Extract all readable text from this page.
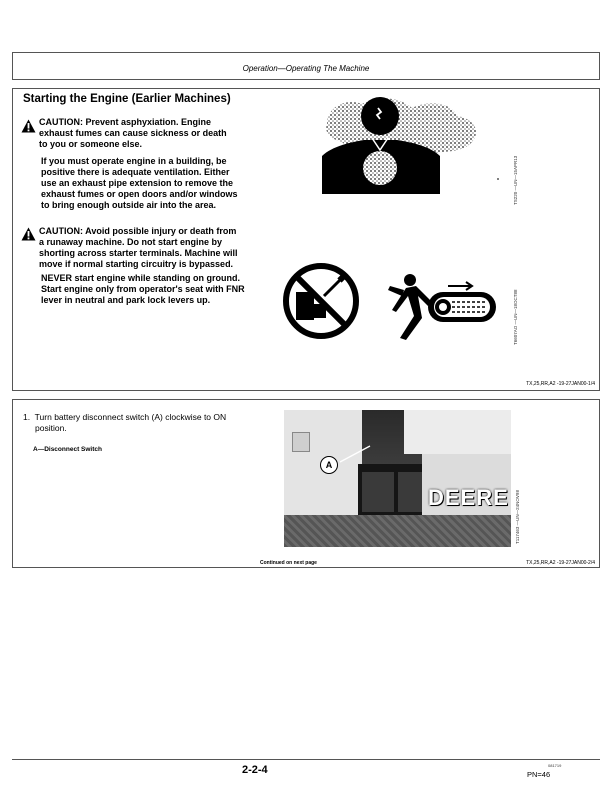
Operation—Operating The Machine
Starting the Engine (Earlier Machines)
CAUTION: Prevent asphyxiation. Engine
exhaust fumes can cause sickness or death
to you or someone else.
If you must operate engine in a building, be
positive there is adequate ventilation. Either
use an exhaust pipe extension to remove the
exhaust fumes or open doors and/or windows
to bring enough outside air into the area.
CAUTION: Avoid possible injury or death from
a runaway machine. Do not start engine by
shorting across starter terminals. Machine will
move if normal starting circuitry is bypassed.
NEVER start engine while standing on ground.
Start engine only from operator's seat with FNR
lever in neutral and park lock levers up.
TS220 —UN—15APR13
T6607AO —UN—18OCT88
TX,25,RR,A2 -19-27JAN00-1/4
1. Turn battery disconnect switch (A) clockwise to ON
position.
A—Disconnect Switch
DEERE
A
T117463 —UN—24NOV98
Continued on next page	TX,25,RR,A2 -19-27JAN00-2/4
2-2-4	081719
PN=46
